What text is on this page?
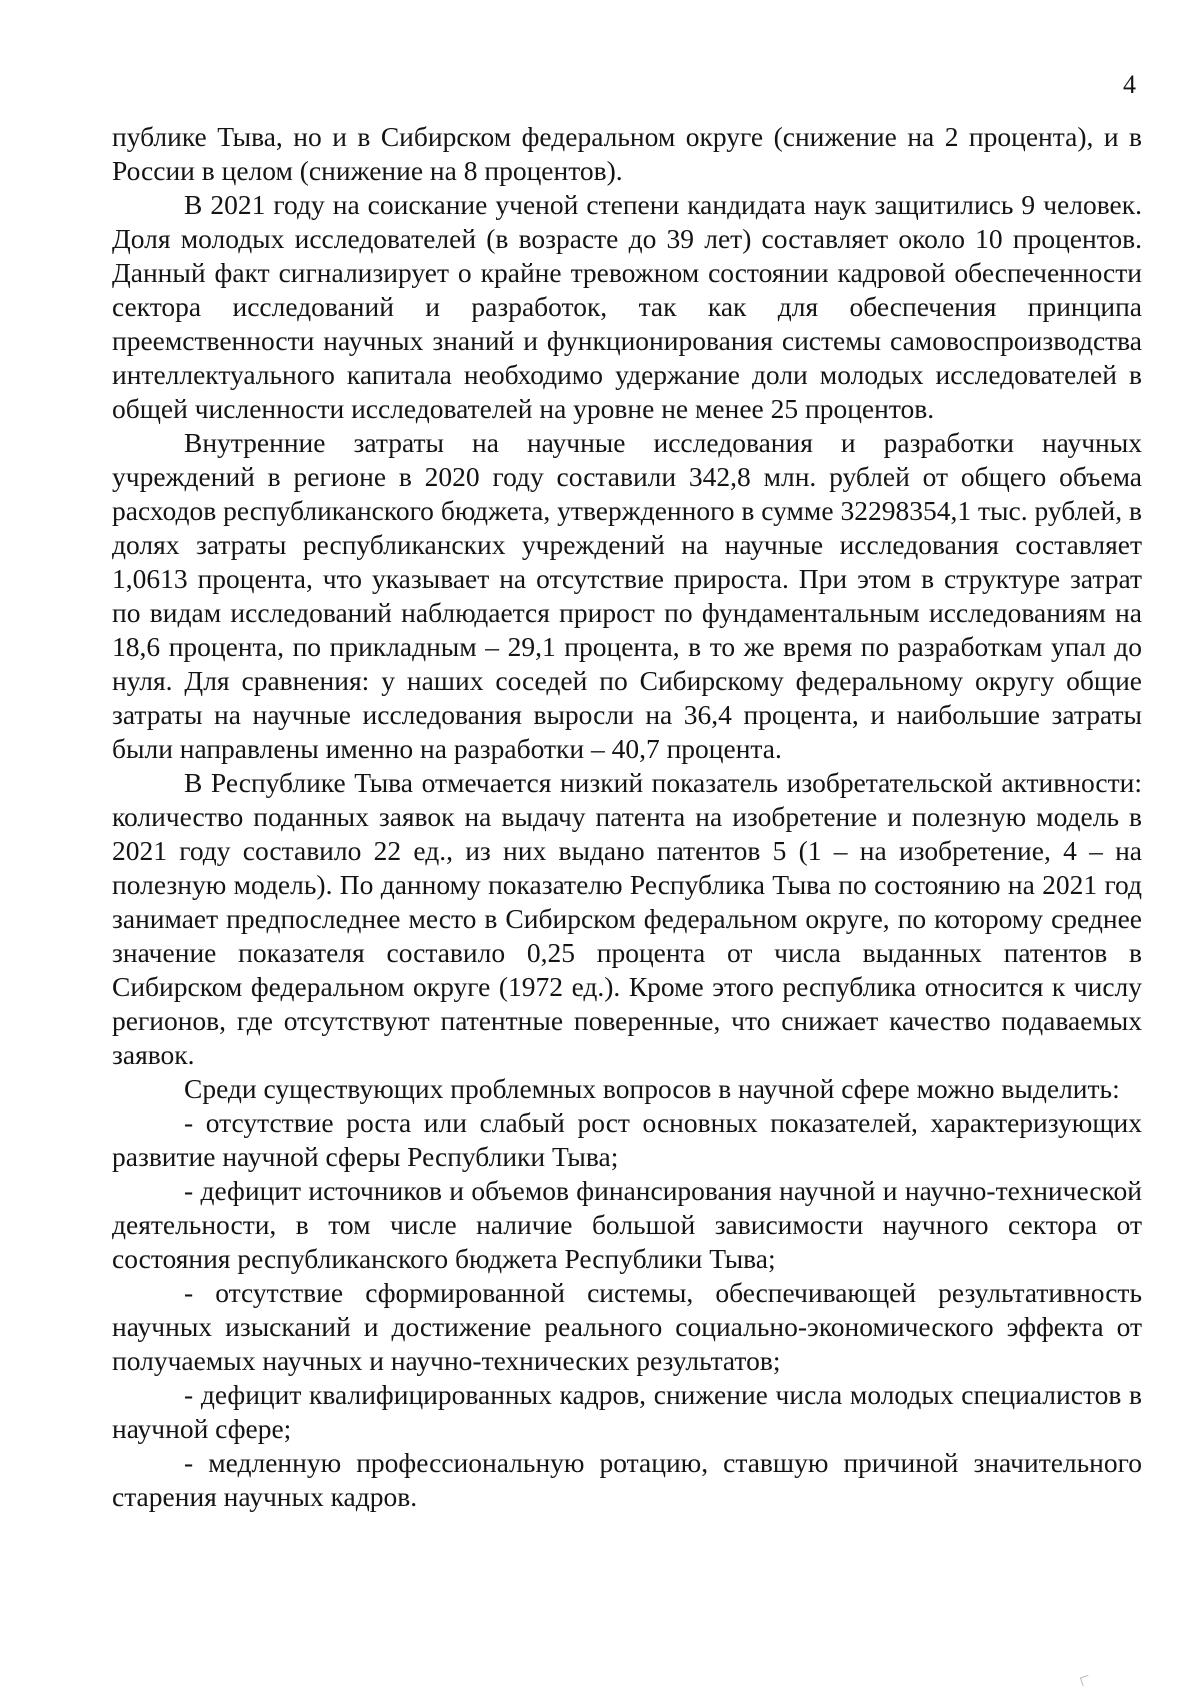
4

публике Тыва, но и в Сибирском федеральном округе (снижение на 2 процента), и в России в целом (снижение на 8 процентов).

В 2021 году на соискание ученой степени кандидата наук защитились 9 человек. Доля молодых исследователей (в возрасте до 39 лет) составляет около 10 процентов. Данный факт сигнализирует о крайне тревожном состоянии кадровой обеспеченности сектора исследований и разработок, так как для обеспечения принципа преемственности научных знаний и функционирования системы самовоспроизводства интеллектуального капитала необходимо удержание доли молодых исследователей в общей численности исследователей на уровне не менее 25 процентов.

Внутренние затраты на научные исследования и разработки научных учреждений в регионе в 2020 году составили 342,8 млн. рублей от общего объема расходов республиканского бюджета, утвержденного в сумме 32298354,1 тыс. рублей, в долях затраты республиканских учреждений на научные исследования составляет 1,0613 процента, что указывает на отсутствие прироста. При этом в структуре затрат по видам исследований наблюдается прирост по фундаментальным исследованиям на 18,6 процента, по прикладным – 29,1 процента, в то же время по разработкам упал до нуля. Для сравнения: у наших соседей по Сибирскому федеральному округу общие затраты на научные исследования выросли на 36,4 процента, и наибольшие затраты были направлены именно на разработки – 40,7 процента.

В Республике Тыва отмечается низкий показатель изобретательской активности: количество поданных заявок на выдачу патента на изобретение и полезную модель в 2021 году составило 22 ед., из них выдано патентов 5 (1 – на изобретение, 4 – на полезную модель). По данному показателю Республика Тыва по состоянию на 2021 год занимает предпоследнее место в Сибирском федеральном округе, по которому среднее значение показателя составило 0,25 процента от числа выданных патентов в Сибирском федеральном округе (1972 ед.). Кроме этого республика относится к числу регионов, где отсутствуют патентные поверенные, что снижает качество подаваемых заявок.

Среди существующих проблемных вопросов в научной сфере можно выделить:

- отсутствие роста или слабый рост основных показателей, характеризующих развитие научной сферы Республики Тыва;

- дефицит источников и объемов финансирования научной и научно-технической деятельности, в том числе наличие большой зависимости научного сектора от состояния республиканского бюджета Республики Тыва;

- отсутствие сформированной системы, обеспечивающей результативность научных изысканий и достижение реального социально-экономического эффекта от получаемых научных и научно-технических результатов;

- дефицит квалифицированных кадров, снижение числа молодых специалистов в научной сфере;

- медленную профессиональную ротацию, ставшую причиной значительного старения научных кадров.
